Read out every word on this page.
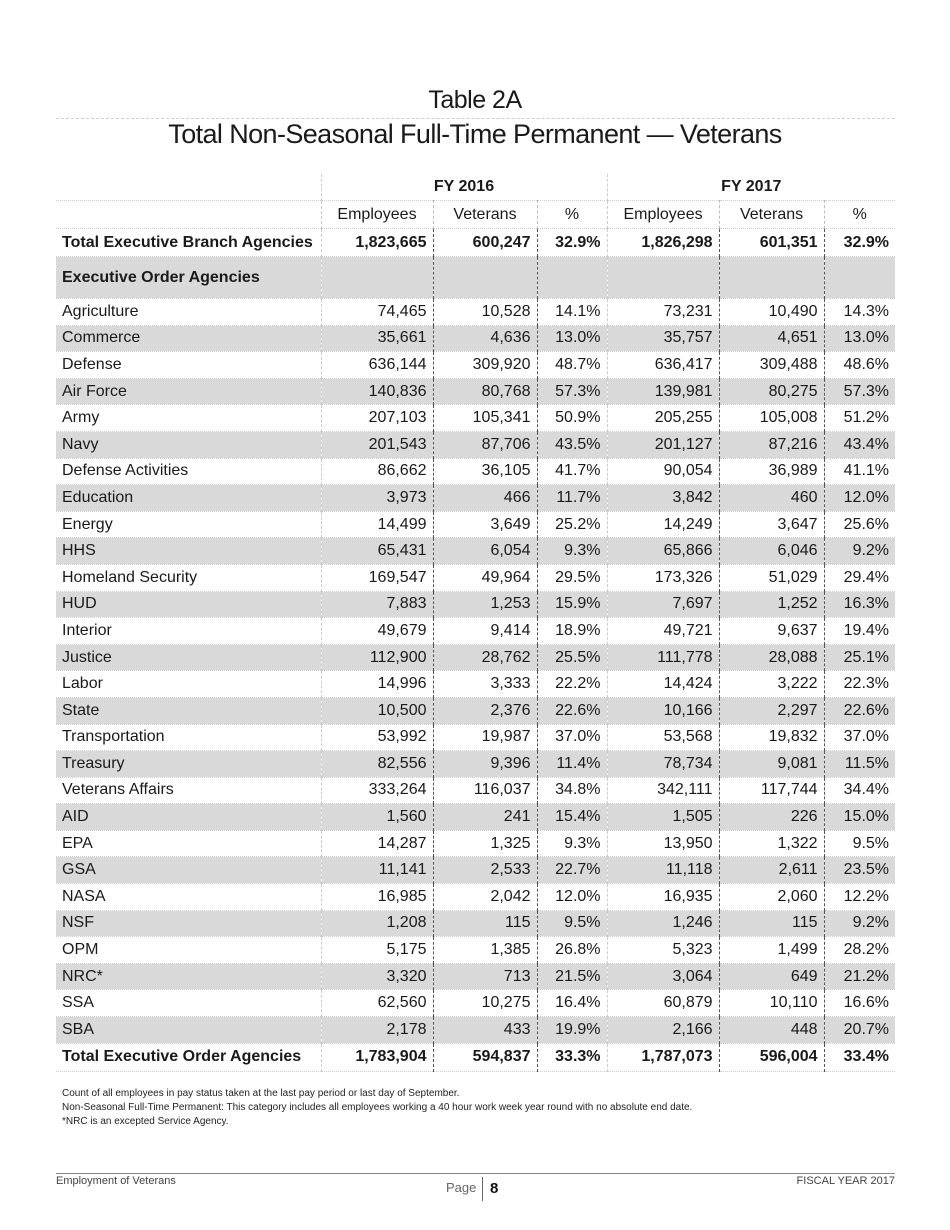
Table 2A
Total Non-Seasonal Full-Time Permanent — Veterans
	FY 2016			FY 2017		
	Employees	Veterans	%	Employees	Veterans	%
Total Executive Branch Agencies	1,823,665	600,247	32.9%	1,826,298	601,351	32.9%
Executive Order Agencies						
Agriculture	74,465	10,528	14.1%	73,231	10,490	14.3%
Commerce	35,661	4,636	13.0%	35,757	4,651	13.0%
Defense	636,144	309,920	48.7%	636,417	309,488	48.6%
Air Force	140,836	80,768	57.3%	139,981	80,275	57.3%
Army	207,103	105,341	50.9%	205,255	105,008	51.2%
Navy	201,543	87,706	43.5%	201,127	87,216	43.4%
Defense Activities	86,662	36,105	41.7%	90,054	36,989	41.1%
Education	3,973	466	11.7%	3,842	460	12.0%
Energy	14,499	3,649	25.2%	14,249	3,647	25.6%
HHS	65,431	6,054	9.3%	65,866	6,046	9.2%
Homeland Security	169,547	49,964	29.5%	173,326	51,029	29.4%
HUD	7,883	1,253	15.9%	7,697	1,252	16.3%
Interior	49,679	9,414	18.9%	49,721	9,637	19.4%
Justice	112,900	28,762	25.5%	111,778	28,088	25.1%
Labor	14,996	3,333	22.2%	14,424	3,222	22.3%
State	10,500	2,376	22.6%	10,166	2,297	22.6%
Transportation	53,992	19,987	37.0%	53,568	19,832	37.0%
Treasury	82,556	9,396	11.4%	78,734	9,081	11.5%
Veterans Affairs	333,264	116,037	34.8%	342,111	117,744	34.4%
AID	1,560	241	15.4%	1,505	226	15.0%
EPA	14,287	1,325	9.3%	13,950	1,322	9.5%
GSA	11,141	2,533	22.7%	11,118	2,611	23.5%
NASA	16,985	2,042	12.0%	16,935	2,060	12.2%
NSF	1,208	115	9.5%	1,246	115	9.2%
OPM	5,175	1,385	26.8%	5,323	1,499	28.2%
NRC*	3,320	713	21.5%	3,064	649	21.2%
SSA	62,560	10,275	16.4%	60,879	10,110	16.6%
SBA	2,178	433	19.9%	2,166	448	20.7%
Total Executive Order Agencies	1,783,904	594,837	33.3%	1,787,073	596,004	33.4%
Count of all employees in pay status taken at the last pay period or last day of September.
Non-Seasonal Full-Time Permanent: This category includes all employees working a 40 hour work week year round with no absolute end date.
*NRC is an excepted Service Agency.
Employment of Veterans	Page 8	FISCAL YEAR 2017
